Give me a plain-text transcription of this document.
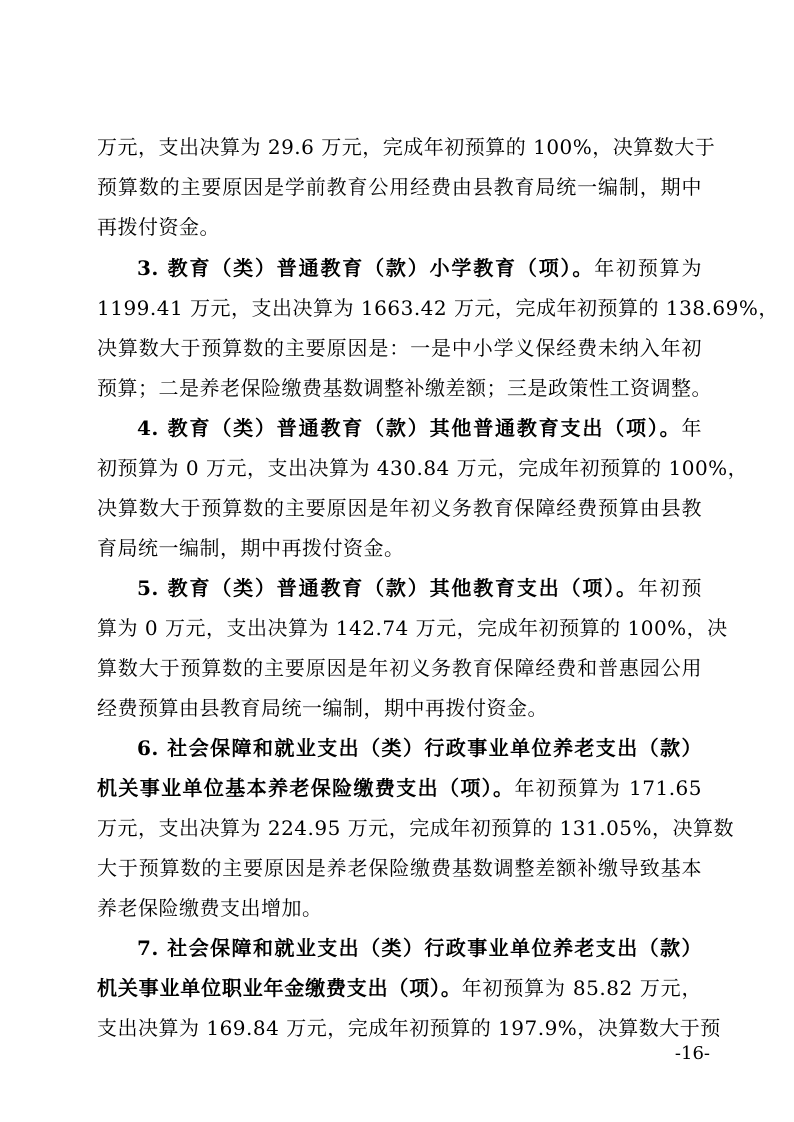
万元，支出决算为 29.6 万元，完成年初预算的 100%，决算数大于
预算数的主要原因是学前教育公用经费由县教育局统一编制，期中
再拨付资金。
3. 教育（类）普通教育（款）小学教育（项）。年初预算为
1199.41 万元，支出决算为 1663.42 万元，完成年初预算的 138.69%，
决算数大于预算数的主要原因是：一是中小学义保经费未纳入年初
预算；二是养老保险缴费基数调整补缴差额；三是政策性工资调整。
4. 教育（类）普通教育（款）其他普通教育支出（项）。年
初预算为 0 万元，支出决算为 430.84 万元，完成年初预算的 100%，
决算数大于预算数的主要原因是年初义务教育保障经费预算由县教
育局统一编制，期中再拨付资金。
5. 教育（类）普通教育（款）其他教育支出（项）。年初预
算为 0 万元，支出决算为 142.74 万元，完成年初预算的 100%，决
算数大于预算数的主要原因是年初义务教育保障经费和普惠园公用
经费预算由县教育局统一编制，期中再拨付资金。
6. 社会保障和就业支出（类）行政事业单位养老支出（款）
机关事业单位基本养老保险缴费支出（项）。年初预算为 171.65
万元，支出决算为 224.95 万元，完成年初预算的 131.05%，决算数
大于预算数的主要原因是养老保险缴费基数调整差额补缴导致基本
养老保险缴费支出增加。
7. 社会保障和就业支出（类）行政事业单位养老支出（款）
机关事业单位职业年金缴费支出（项）。年初预算为 85.82 万元，
支出决算为 169.84 万元，完成年初预算的 197.9%，决算数大于预
-16-
